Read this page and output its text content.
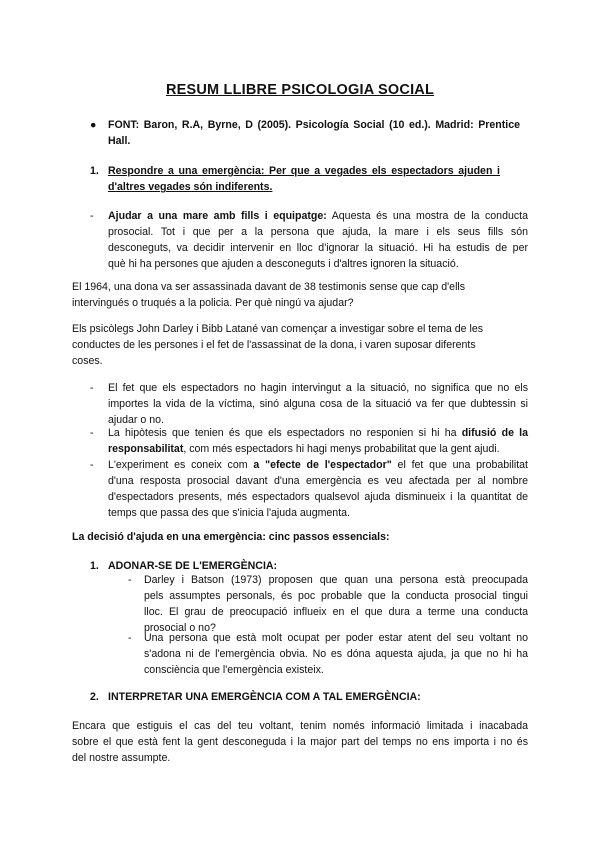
RESUM LLIBRE PSICOLOGIA SOCIAL
● FONT: Baron, R.A, Byrne, D (2005). Psicología Social (10 ed.). Madrid: Prentice
Hall.
1. Respondre a una emergència: Per que a vegades els espectadors ajuden i
d'altres vegades són indiferents.
- Ajudar a una mare amb fills i equipatge: Aquesta és una mostra de la conducta
prosocial. Tot i que per a la persona que ajuda, la mare i els seus fills són
desconeguts, va decidir intervenir en lloc d'ignorar la situació. Hi ha estudis de per
què hi ha persones que ajuden a desconeguts i d'altres ignoren la situació.
El 1964, una dona va ser assassinada davant de 38 testimonis sense que cap d'ells
intervingués o truqués a la policia. Per què ningú va ajudar?
Els psicòlegs John Darley i Bibb Latané van començar a investigar sobre el tema de les
conductes de les persones i el fet de l'assassinat de la dona, i varen suposar diferents
coses.
- El fet que els espectadors no hagin intervingut a la situació, no significa que no els
importes la vida de la víctima, sinó alguna cosa de la situació va fer que dubtessin si
ajudar o no.
- La hipòtesis que tenien és que els espectadors no responien si hi ha difusió de la
responsabilitat, com més espectadors hi hagi menys probabilitat que la gent ajudi.
- L'experiment es coneix com a "efecte de l'espectador" el fet que una probabilitat
d'una resposta prosocial davant d'una emergència es veu afectada per al nombre
d'espectadors presents, més espectadors qualsevol ajuda disminueix i la quantitat de
temps que passa des que s'inicia l'ajuda augmenta.
La decisió d'ajuda en una emergència: cinc passos essencials:
1. ADONAR-SE DE L'EMERGÈNCIA:
- Darley i Batson (1973) proposen que quan una persona està preocupada
pels assumptes personals, és poc probable que la conducta prosocial tingui
lloc. El grau de preocupació influeix en el que dura a terme una conducta
prosocial o no?
- Una persona que està molt ocupat per poder estar atent del seu voltant no
s'adona ni de l'emergència obvia. No es dóna aquesta ajuda, ja que no hi ha
consciència que l'emergència existeix.
2. INTERPRETAR UNA EMERGÈNCIA COM A TAL EMERGÈNCIA:
Encara que estiguis el cas del teu voltant, tenim només informació limitada i inacabada
sobre el que està fent la gent desconeguda i la major part del temps no ens importa i no és
del nostre assumpte.
